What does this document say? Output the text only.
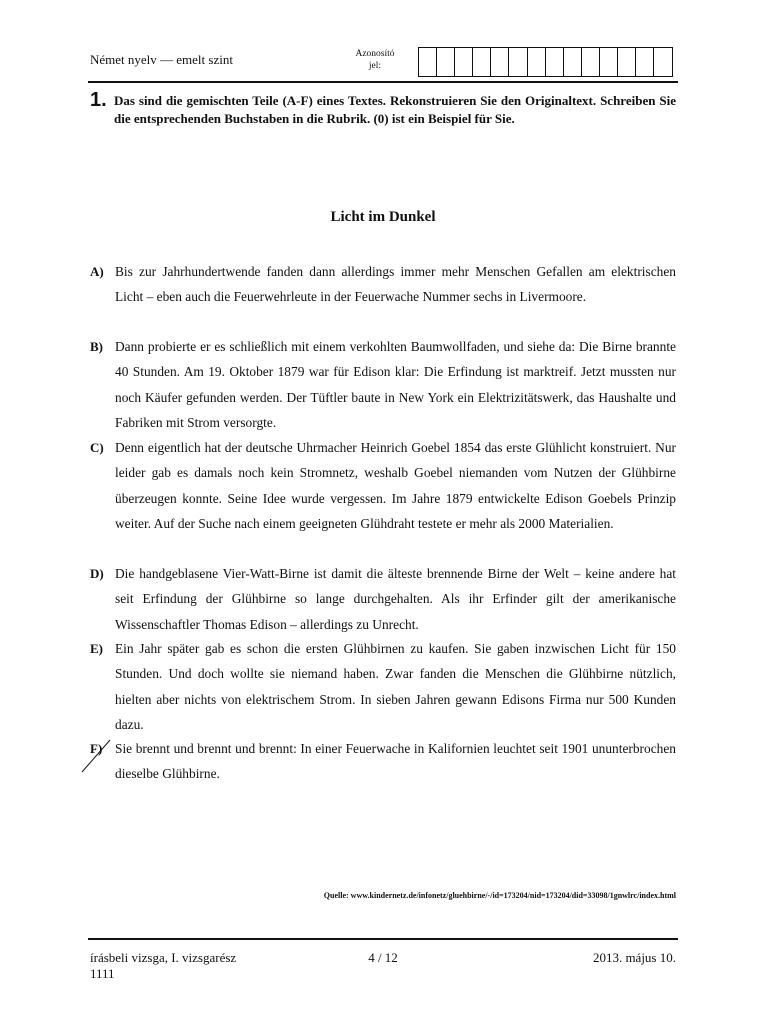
Német nyelv — emelt szint	Azonosító
jel:
1. Das sind die gemischten Teile (A-F) eines Textes. Rekonstruieren Sie den Originaltext. Schreiben Sie die entsprechenden Buchstaben in die Rubrik. (0) ist ein Beispiel für Sie.
Licht im Dunkel
A) Bis zur Jahrhundertwende fanden dann allerdings immer mehr Menschen Gefallen am elektrischen Licht – eben auch die Feuerwehrleute in der Feuerwache Nummer sechs in Livermoore.
B) Dann probierte er es schließlich mit einem verkohlten Baumwollfaden, und siehe da: Die Birne brannte 40 Stunden. Am 19. Oktober 1879 war für Edison klar: Die Erfindung ist marktreif. Jetzt mussten nur noch Käufer gefunden werden. Der Tüftler baute in New York ein Elektrizitätswerk, das Haushalte und Fabriken mit Strom versorgte.
C) Denn eigentlich hat der deutsche Uhrmacher Heinrich Goebel 1854 das erste Glühlicht konstruiert. Nur leider gab es damals noch kein Stromnetz, weshalb Goebel niemanden vom Nutzen der Glühbirne überzeugen konnte. Seine Idee wurde vergessen. Im Jahre 1879 entwickelte Edison Goebels Prinzip weiter. Auf der Suche nach einem geeigneten Glühdraht testete er mehr als 2000 Materialien.
D) Die handgeblasene Vier-Watt-Birne ist damit die älteste brennende Birne der Welt – keine andere hat seit Erfindung der Glühbirne so lange durchgehalten. Als ihr Erfinder gilt der amerikanische Wissenschaftler Thomas Edison – allerdings zu Unrecht.
E) Ein Jahr später gab es schon die ersten Glühbirnen zu kaufen. Sie gaben inzwischen Licht für 150 Stunden. Und doch wollte sie niemand haben. Zwar fanden die Menschen die Glühbirne nützlich, hielten aber nichts von elektrischem Strom. In sieben Jahren gewann Edisons Firma nur 500 Kunden dazu.
F) Sie brennt und brennt und brennt: In einer Feuerwache in Kalifornien leuchtet seit 1901 ununterbrochen dieselbe Glühbirne.
Quelle: www.kindernetz.de/infonetz/gluehbirne/-/id=173204/nid=173204/did=33098/1gnwlrc/index.html
írásbeli vizsga, I. vizsgarész
1111
4 / 12	2013. május 10.
